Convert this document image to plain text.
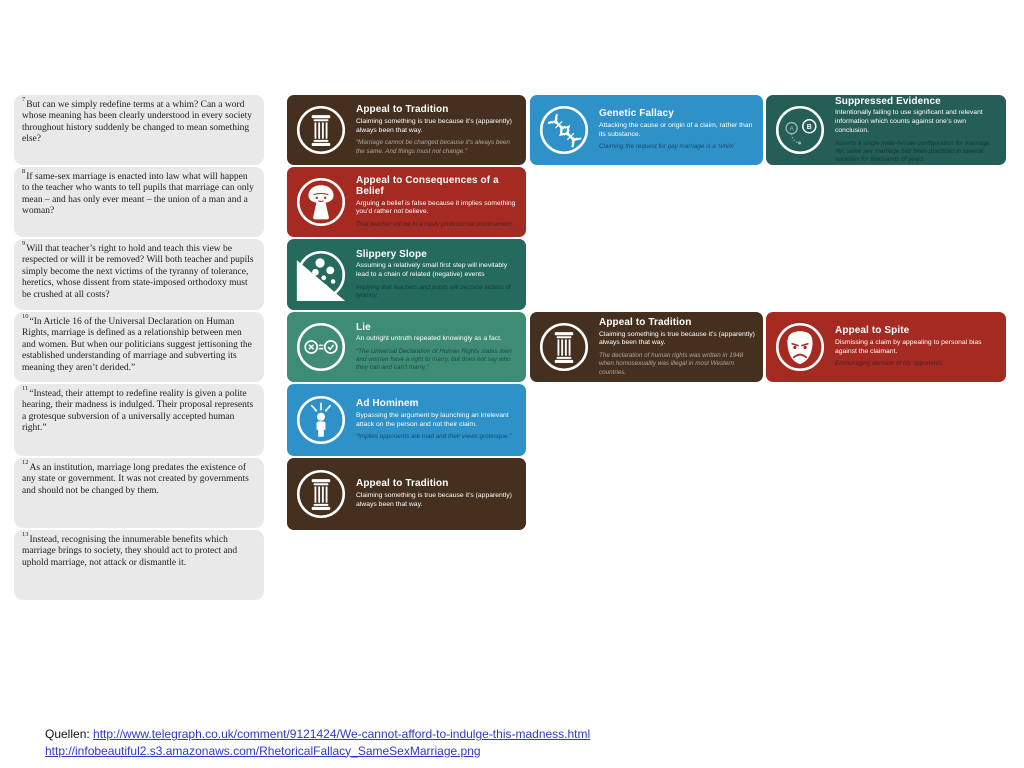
$^7$But can we simply redefine terms at a whim? Can a word whose meaning has been clearly understood in every society throughout history suddenly be changed to mean something else?
$^8$If same-sex marriage is enacted into law what will happen to the teacher who wants to tell pupils that marriage can only mean – and has only ever meant – the union of a man and a woman?
$^9$Will that teacher’s right to hold and teach this view be respected or will it be removed? Will both teacher and pupils simply become the next victims of the tyranny of tolerance, heretics, whose dissent from state-imposed orthodoxy must be crushed at all costs?
$^{10}$“In Article 16 of the Universal Declaration on Human Rights, marriage is defined as a relationship between men and women. But when our politicians suggest jettisoning the established understanding of marriage and subverting its meaning they aren’t derided.”
$^{11}$“Instead, their attempt to redefine reality is given a polite hearing, their madness is indulged. Their proposal represents a grotesque subversion of a universally accepted human right.”
$^{12}$As an institution, marriage long predates the existence of any state or government. It was not created by governments and should not be changed by them.
$^{13}$Instead, recognising the innumerable benefits which marriage brings to society, they should act to protect and uphold marriage, not attack or dismantle it.
Appeal to Tradition
Claiming something is true because it’s (apparently) always been that way.
“Marriage cannot be changed because it’s always been the same. And things must not change.”
Genetic Fallacy
Attacking the cause or origin of a claim, rather than its substance.
Claiming the request for gay marriage is a ‘whim’
A B
Suppressed Evidence
Intentionally failing to use significant and relevant information which counts against one’s own conclusion.
Asserts a single male-female configuration for marriage. Yet same sex marriage has been practiced in several societies for thousands of years.
Appeal to Consequences of a Belief
Arguing a belief is false because it implies something you’d rather not believe.
That teacher will be in a nasty professional predicament.
Slippery Slope
Assuming a relatively small first step will inevitably lead to a chain of related (negative) events
Implying that teachers and pupils will become victims of tyranny.
Lie
An outright untruth repeated knowingly as a fact.
“The Universal Declaration of Human Rights states men and women have a right to marry, but does not say who they can and can’t marry.”
Appeal to Tradition
Claiming something is true because it’s (apparently) always been that way.
The declaration of human rights was written in 1948 when homosexuality was illegal in most Western countries.
Appeal to Spite
Dismissing a claim by appealing to personal bias against the claimant.
Encouraging derision of his opponents.
Ad Hominem
Bypassing the argument by launching an irrelevant attack on the person and not their claim.
“Implies opponents are mad and their views grotesque.”
Appeal to Tradition
Claiming something is true because it’s (apparently) always been that way.
Quellen: http://www.telegraph.co.uk/comment/9121424/We-cannot-afford-to-indulge-this-madness.html
http://infobeautiful2.s3.amazonaws.com/RhetoricalFallacy_SameSexMarriage.png
